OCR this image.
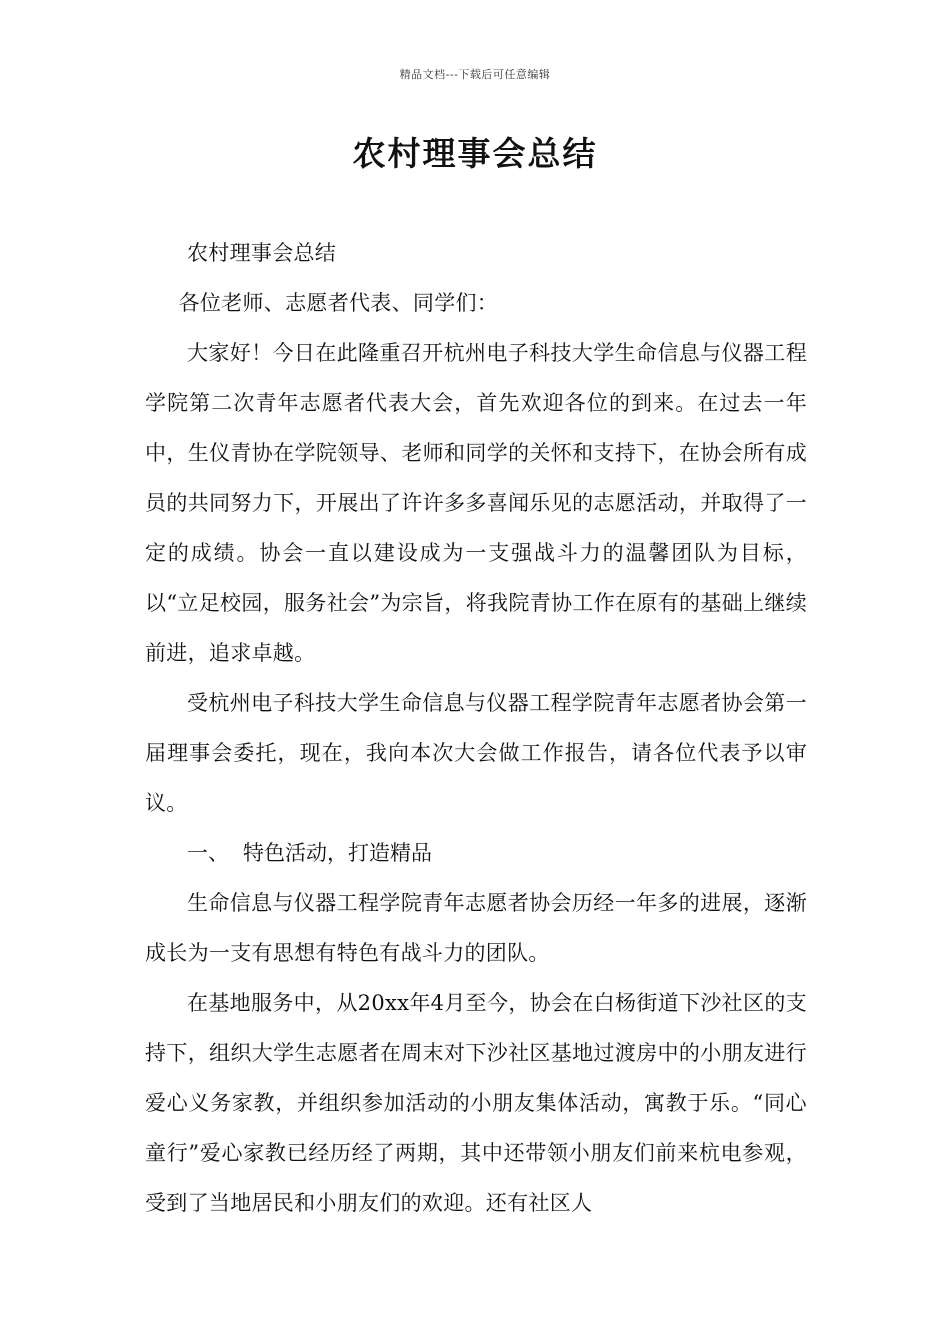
精品文档---下载后可任意编辑
农村理事会总结

农村理事会总结

各位老师、志愿者代表、同学们：

大家好！今日在此隆重召开杭州电子科技大学生命信息与仪器工程学院第二次青年志愿者代表大会，首先欢迎各位的到来。在过去一年中，生仪青协在学院领导、老师和同学的关怀和支持下，在协会所有成员的共同努力下，开展出了许许多多喜闻乐见的志愿活动，并取得了一定的成绩。协会一直以建设成为一支强战斗力的温馨团队为目标，以“立足校园，服务社会”为宗旨，将我院青协工作在原有的基础上继续前进，追求卓越。

受杭州电子科技大学生命信息与仪器工程学院青年志愿者协会第一届理事会委托，现在，我向本次大会做工作报告，请各位代表予以审议。

一、 特色活动，打造精品

生命信息与仪器工程学院青年志愿者协会历经一年多的进展，逐渐成长为一支有思想有特色有战斗力的团队。

在基地服务中，从20xx年4月至今，协会在白杨街道下沙社区的支持下，组织大学生志愿者在周末对下沙社区基地过渡房中的小朋友进行爱心义务家教，并组织参加活动的小朋友集体活动，寓教于乐。“同心童行”爱心家教已经历经了两期，其中还带领小朋友们前来杭电参观，受到了当地居民和小朋友们的欢迎。还有社区人
